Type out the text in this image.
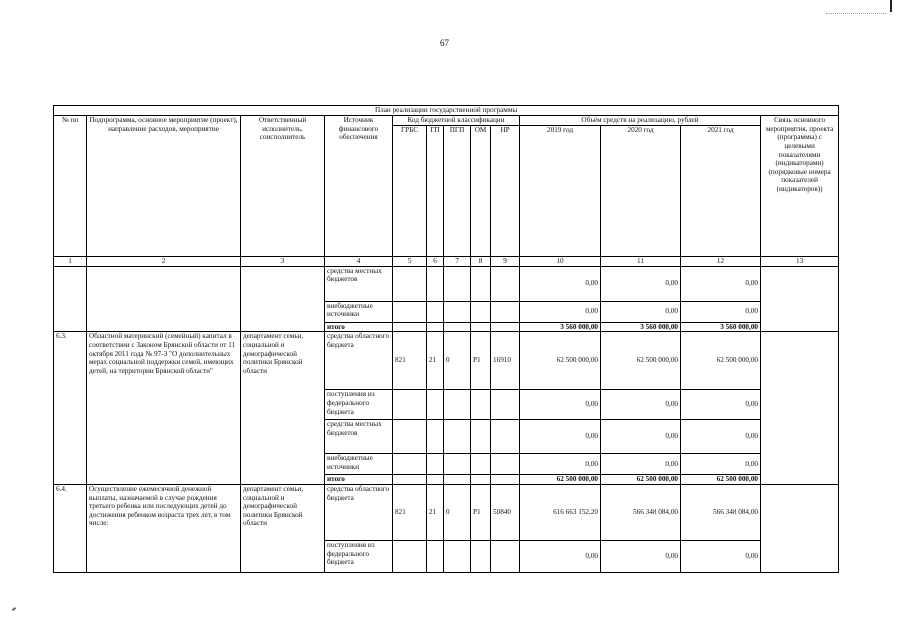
67
План реализации государственной программы												
№ пп	Подпрограмма, основное мероприятие (проект), направление расходов, мероприятие	Ответственный исполнитель, соисполнитель	Источник финансового обеспечения	Код бюджетной классификации					Объём средств на реализацию, рублей			Связь основного мероприятия, проекта (программы) с целевыми показателями (индикаторами) (порядковые номера показателей (индикаторов))
				ГРБС	ГП	ПГП	ОМ	НР	2019 год	2020 год	2021 год	
1	2	3	4	5	6	7	8	9	10	11	12	13
			средства местных бюджетов						0,00	0,00	0,00	
			внебюджетные источники						0,00	0,00	0,00	
			итого						3 560 000,00	3 560 000,00	3 560 000,00	
6.3.	Областной материнский (семейный) капитал в соответствии с Законом Брянской области от 11 октября 2011 года № 97-З "О дополнительных мерах социальной поддержки семей, имеющих детей, на территории Брянской области"	департамент семьи, социальной и демографической политики Брянской области	средства областного бюджета	821	21	0	Р1	16910	62 500 000,00	62 500 000,00	62 500 000,00	
			поступления из федерального бюджета						0,00	0,00	0,00	
			средства местных бюджетов						0,00	0,00	0,00	
			внебюджетные источники						0,00	0,00	0,00	
			итого						62 500 000,00	62 500 000,00	62 500 000,00	
6.4.	Осуществление ежемесячной денежной выплаты, назначаемой в случае рождения третьего ребенка или последующих детей до достижения ребенком возраста трех лет, в том числе:	департамент семьи, социальной и демографической политики Брянской области	средства областного бюджета	821	21	0	Р1	50840	616 663 152,20	566 348 084,00	566 348 084,00	
			поступления из федерального бюджета						0,00	0,00	0,00	
